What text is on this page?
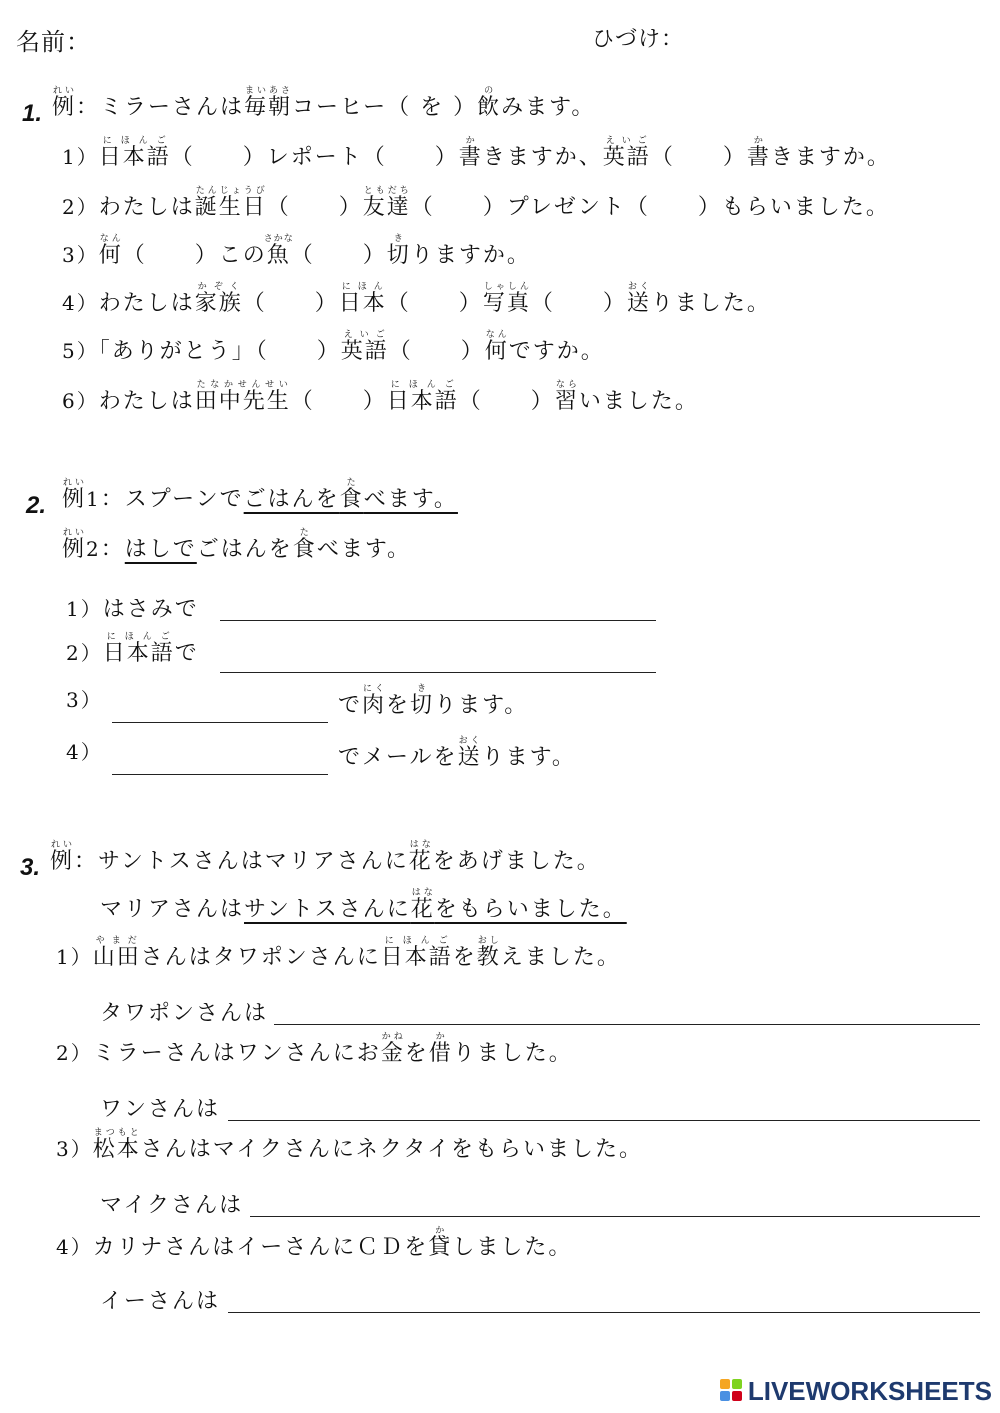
名前：	ひづけ：
1. 例れい：ミラーさんは毎朝まいあさコーヒー（ を ）飲のみます。
1）日本語にほんご（　　）レポート（　　）書かきますか、英語えいご（　　）書かきますか。
2）わたしは誕生日たんじょうび（　　）友達ともだち（　　）プレゼント（　　）もらいました。
3）何なん（　　）この魚さかな（　　）切きりますか。
4）わたしは家族かぞく（　　）日本にほん（　　）写真しゃしん（　　）送おくりました。
5）「ありがとう」（　　）英語えいご（　　）何なんですか。
6）わたしは田中先生たなかせんせい（　　）日本語にほんご（　　）習ならいました。
2. 例れい1：スプーンでごはんを食たべます。
例れい2：はしでごはんを食たべます。
1）はさみで
2）日本語にほんごで
3）	で肉にくを切きります。
4）	でメールを送おくります。
3. 例れい：サントスさんはマリアさんに花はなをあげました。
マリアさんはサントスさんに花はなをもらいました。
1）山田やまださんはタワポンさんに日本語にほんごを教おしえました。
タワポンさんは
2）ミラーさんはワンさんにお金かねを借かりました。
ワンさんは
3）松本まつもとさんはマイクさんにネクタイをもらいました。
マイクさんは
4）カリナさんはイーさんにＣＤを貸かしました。
イーさんは
LIVEWORKSHEETS
